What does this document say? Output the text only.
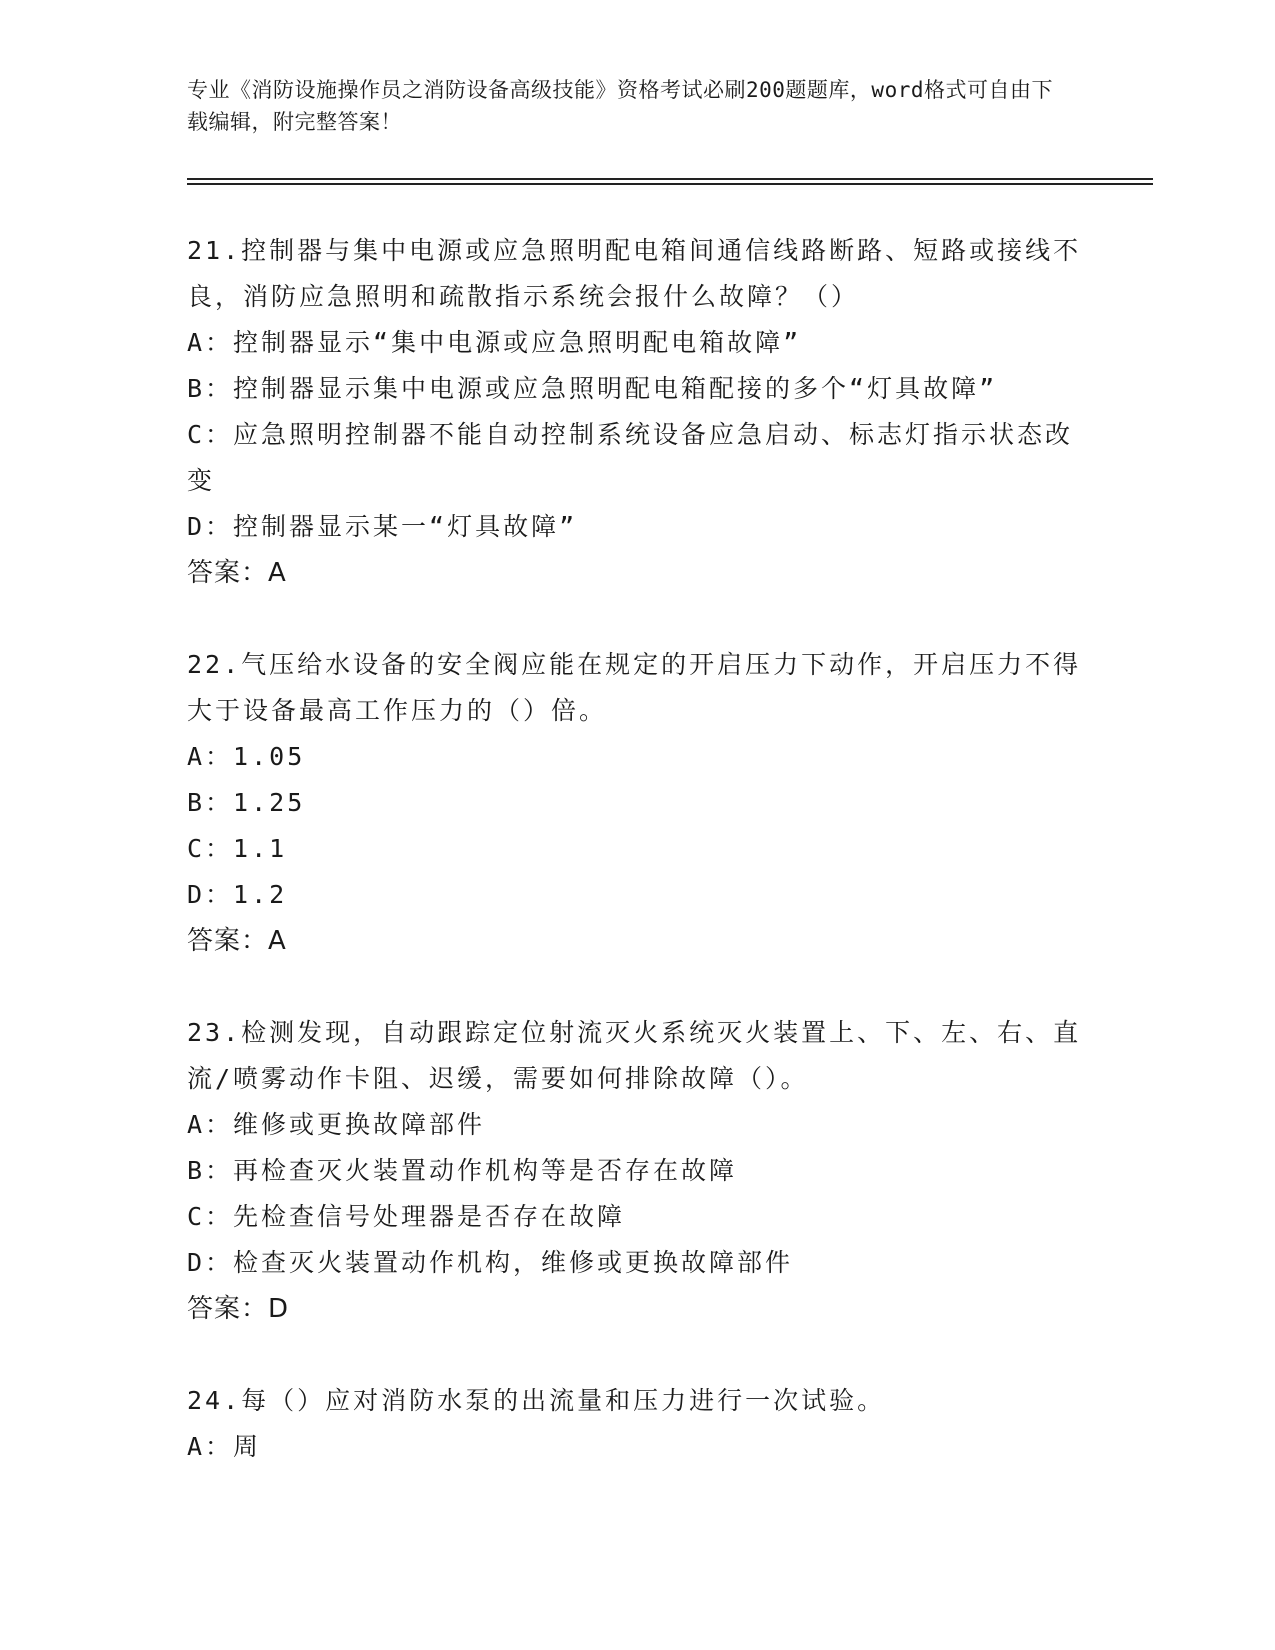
专业《消防设施操作员之消防设备高级技能》资格考试必刷200题题库，word格式可自由下载编辑，附完整答案！
21.控制器与集中电源或应急照明配电箱间通信线路断路、短路或接线不良，消防应急照明和疏散指示系统会报什么故障？（）
A：控制器显示“集中电源或应急照明配电箱故障”
B：控制器显示集中电源或应急照明配电箱配接的多个“灯具故障”
C：应急照明控制器不能自动控制系统设备应急启动、标志灯指示状态改变
D：控制器显示某一“灯具故障”
答案：A
22.气压给水设备的安全阀应能在规定的开启压力下动作，开启压力不得大于设备最高工作压力的（）倍。
A：1.05
B：1.25
C：1.1
D：1.2
答案：A
23.检测发现，自动跟踪定位射流灭火系统灭火装置上、下、左、右、直流/喷雾动作卡阻、迟缓，需要如何排除故障（）。
A：维修或更换故障部件
B：再检查灭火装置动作机构等是否存在故障
C：先检查信号处理器是否存在故障
D：检查灭火装置动作机构，维修或更换故障部件
答案：D
24.每（）应对消防水泵的出流量和压力进行一次试验。
A：周
